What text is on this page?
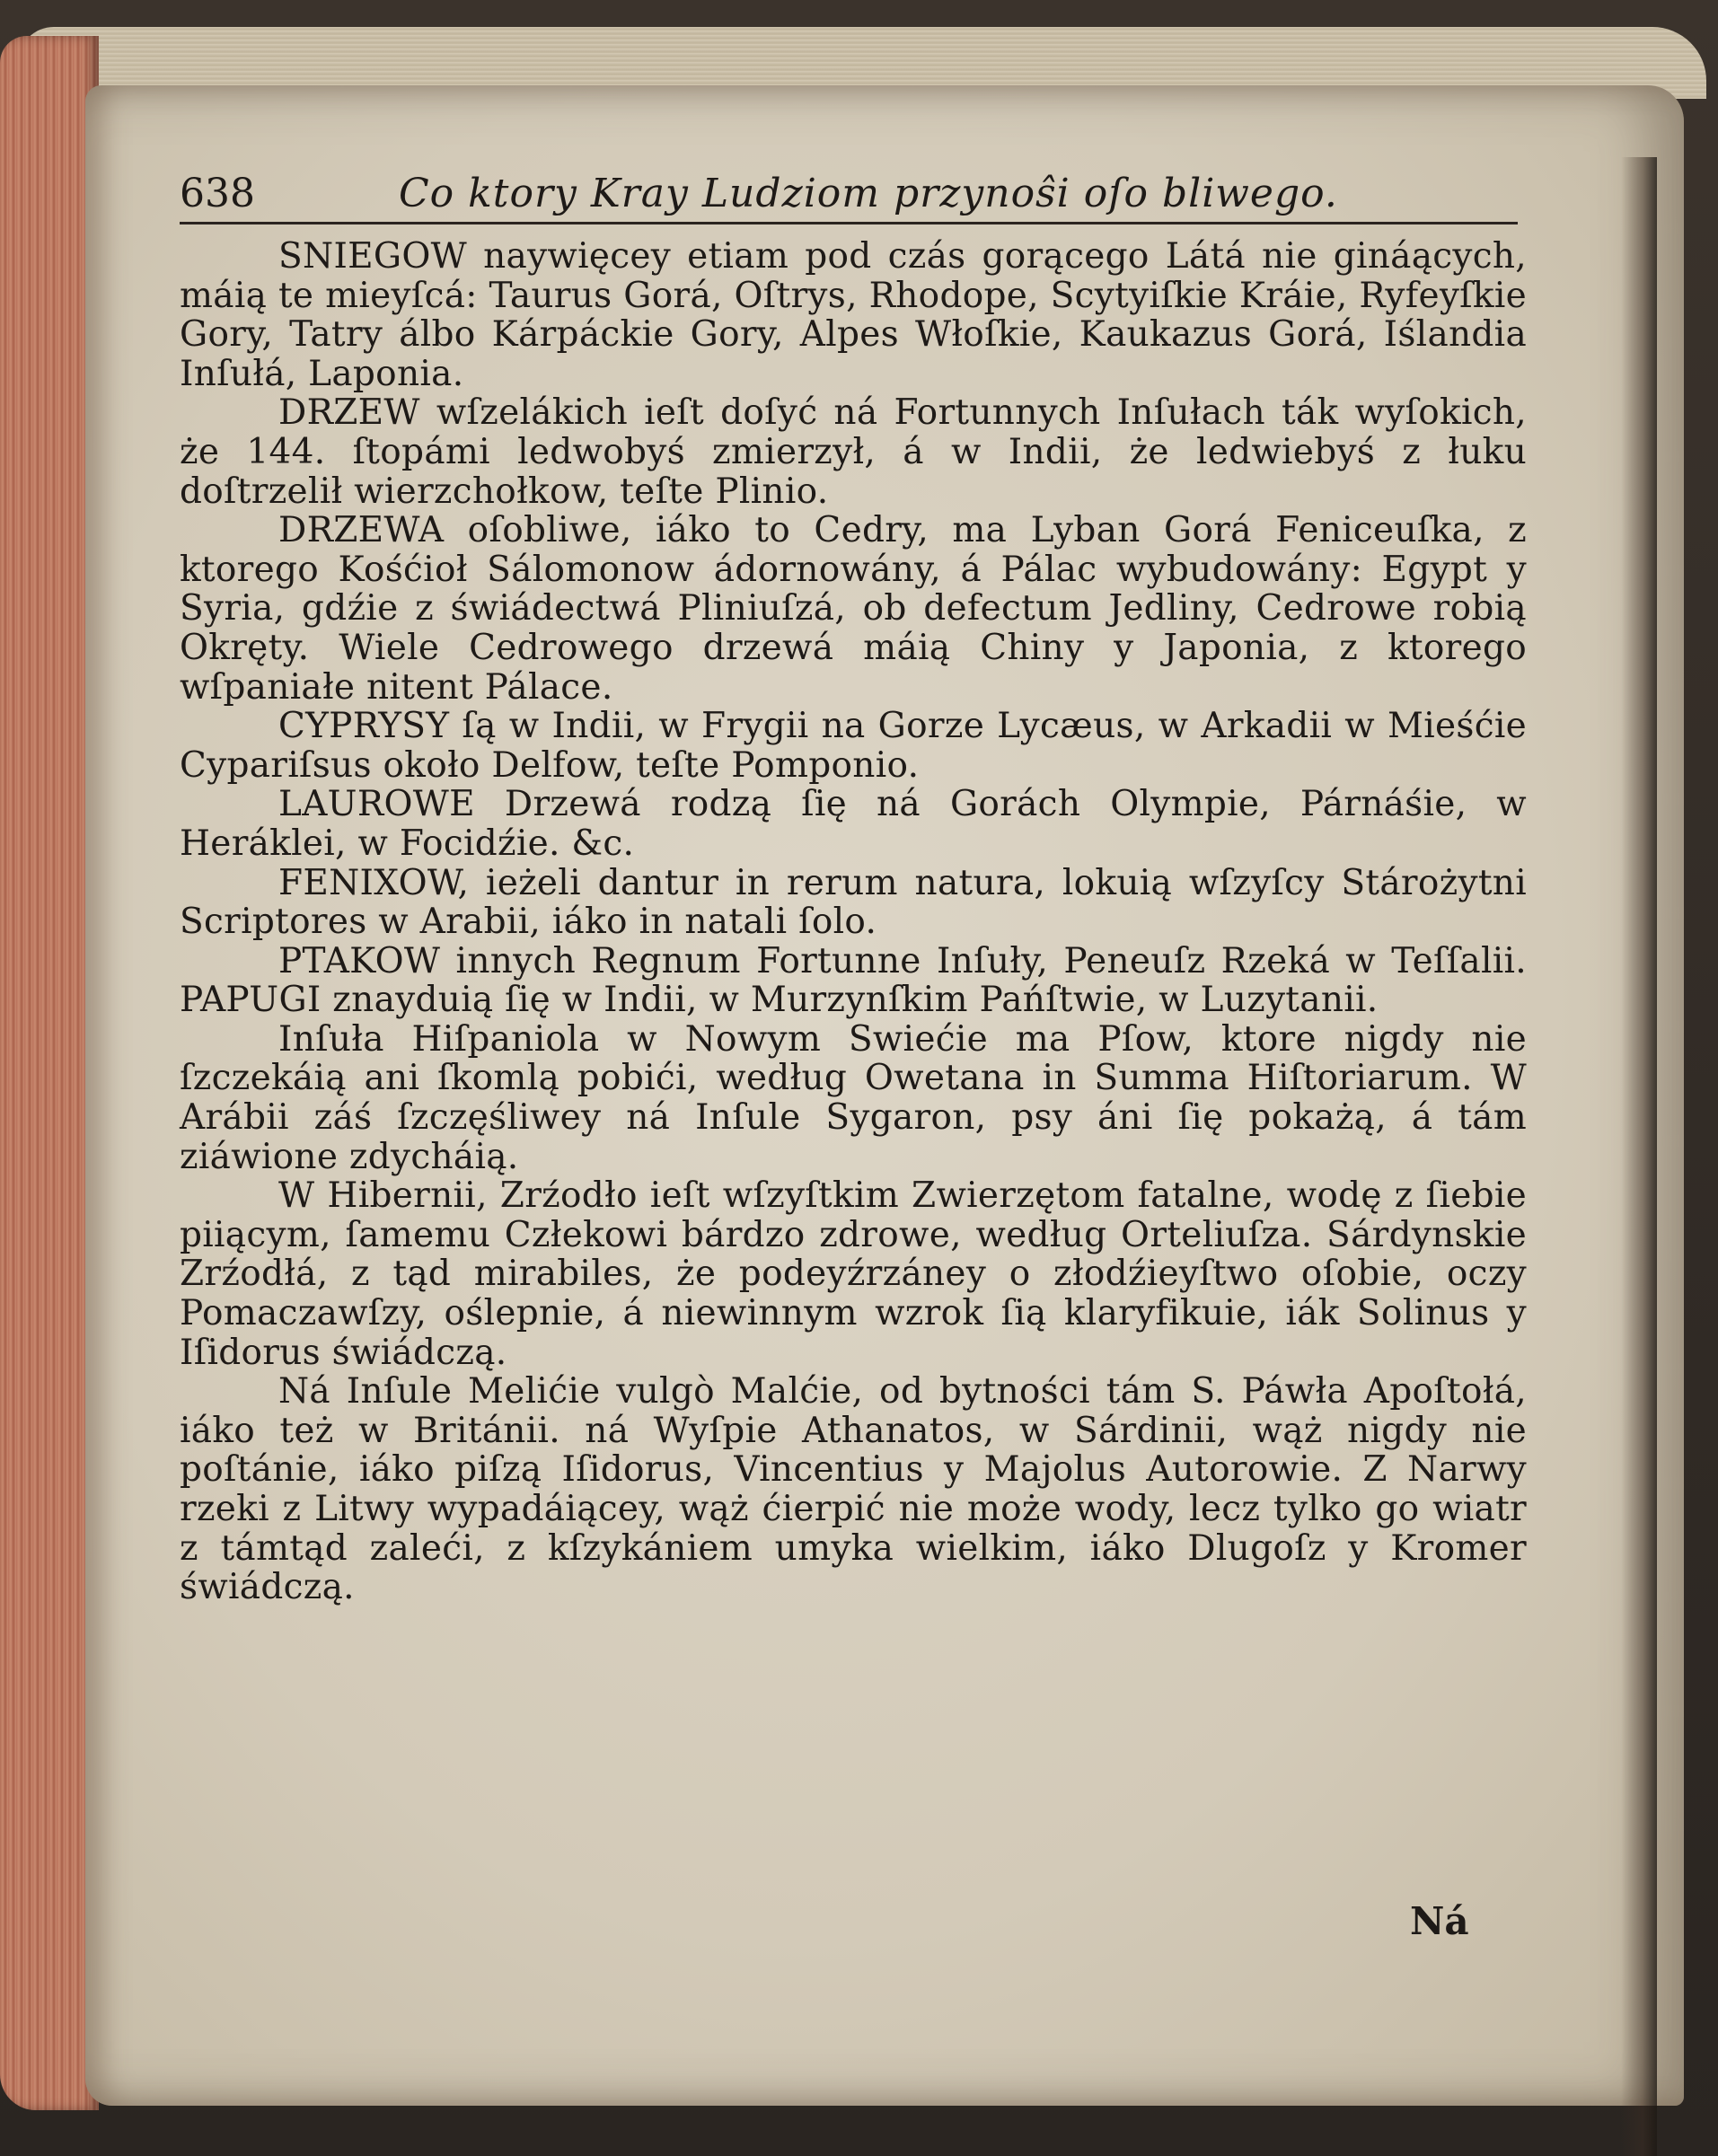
638	Co ktory Kray Ludziom przynoŝi oſo bliwego.

SNIEGOW naywięcey etiam pod czás gorącego Látá nie gináących, máią te mieyſcá: Taurus Gorá, Oſtrys, Rhodope, Scytyiſkie Kráie, Ryfeyſkie Gory, Tatry álbo Kárpáckie Gory, Alpes Włoſkie, Kaukazus Gorá, Iślandia Inſułá, Laponia.

DRZEW wſzelákich ieſt doſyć ná Fortunnych Inſułach ták wyſokich, że 144. ſtopámi ledwobyś zmierzył, á w Indii, że ledwiebyś z łuku doſtrzelił wierzchołkow, teſte Plinio.

DRZEWA oſobliwe, iáko to Cedry, ma Lyban Gorá Feniceuſka, z ktorego Kośćioł Sálomonow ádornowány, á Pálac wybudowány: Egypt y Syria, gdźie z świádectwá Pliniuſzá, ob defectum Jedliny, Cedrowe robią Okręty. Wiele Cedrowego drzewá máią Chiny y Japonia, z ktorego wſpaniałe nitent Pálace.

CYPRYSY ſą w Indii, w Frygii na Gorze Lycæus, w Arkadii w Mieśćie Cypariſsus około Delfow, teſte Pomponio.

LAUROWE Drzewá rodzą ſię ná Gorách Olympie, Párnáśie, w Heráklei, w Focidźie. &c.

FENIXOW, ieżeli dantur in rerum natura, lokuią wſzyſcy Stárożytni Scriptores w Arabii, iáko in natali ſolo.

PTAKOW innych Regnum Fortunne Inſuły, Peneuſz Rzeká w Teſſalii. PAPUGI znayduią ſię w Indii, w Murzynſkim Pańſtwie, w Luzytanii.

Inſuła Hiſpaniola w Nowym Swiećie ma Pſow, ktore nigdy nie ſzczekáią ani ſkomlą pobići, według Owetana in Summa Hiſtoriarum. W Arábii záś ſzczęśliwey ná Inſule Sygaron, psy áni ſię pokażą, á tám ziáwione zdycháią.

W Hibernii, Zrźodło ieſt wſzyſtkim Zwierzętom fatalne, wodę z ſiebie piiącym, ſamemu Człekowi bárdzo zdrowe, według Orteliuſza. Sárdynskie Zrźodłá, z tąd mirabiles, że podeyźrzáney o złodźieyſtwo oſobie, oczy Pomaczawſzy, oślepnie, á niewinnym wzrok ſią klaryfikuie, iák Solinus y Iſidorus świádczą.

Ná Inſule Melićie vulgò Malćie, od bytności tám S. Páwła Apoſtołá, iáko też w Británii. ná Wyſpie Athanatos, w Sárdinii, wąż nigdy nie poſtánie, iáko piſzą Iſidorus, Vincentius y Majolus Autorowie. Z Narwy rzeki z Litwy wypadáiącey, wąż ćierpić nie może wody, lecz tylko go wiatr z támtąd zaleći, z kſzykániem umyka wielkim, iáko Dlugoſz y Kromer świádczą.

Ná
